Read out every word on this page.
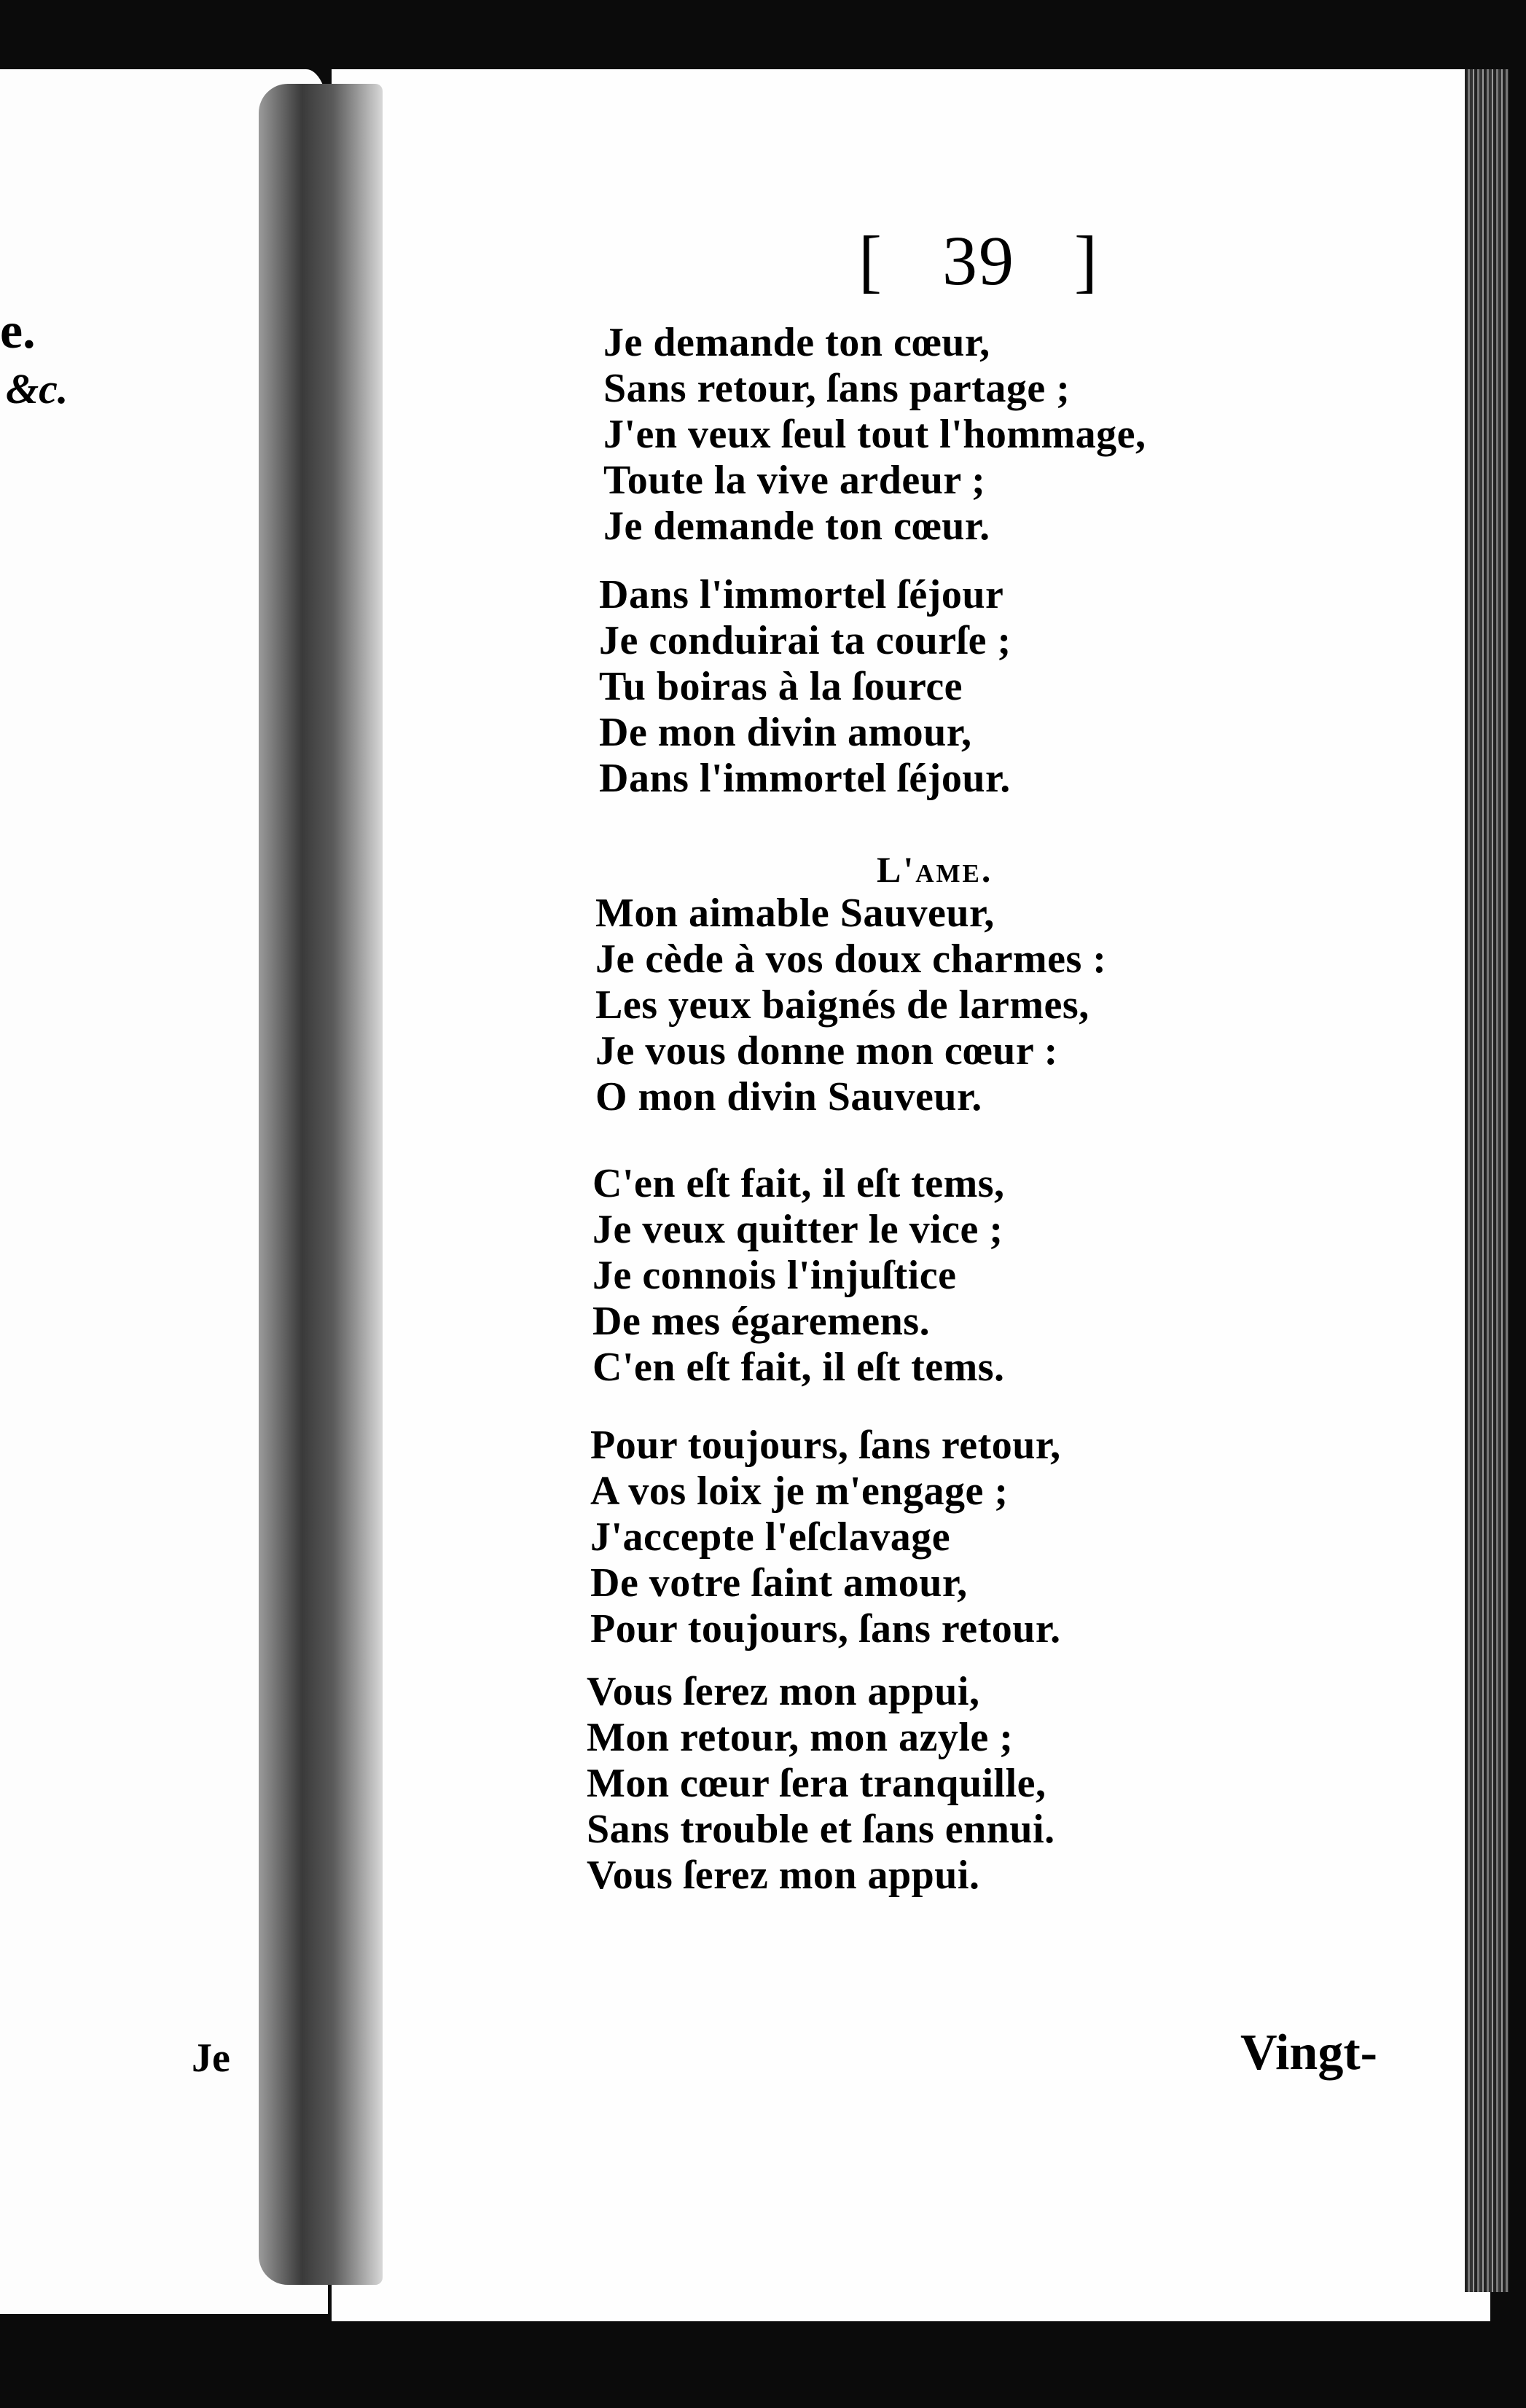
e.
&c.
Je
[ 39 ]
Je demande ton cœur,
Sans retour, ſans partage ;
J'en veux ſeul tout l'hommage,
Toute la vive ardeur ;
Je demande ton cœur.
Dans l'immortel ſéjour
Je conduirai ta courſe ;
Tu boiras à la ſource
De mon divin amour,
Dans l'immortel ſéjour.
L'ame.
Mon aimable Sauveur,
Je cède à vos doux charmes :
Les yeux baignés de larmes,
Je vous donne mon cœur :
O mon divin Sauveur.
C'en eſt fait, il eſt tems,
Je veux quitter le vice ;
Je connois l'injuſtice
De mes égaremens.
C'en eſt fait, il eſt tems.
Pour toujours, ſans retour,
A vos loix je m'engage ;
J'accepte l'eſclavage
De votre ſaint amour,
Pour toujours, ſans retour.
Vous ſerez mon appui,
Mon retour, mon azyle ;
Mon cœur ſera tranquille,
Sans trouble et ſans ennui.
Vous ſerez mon appui.
Vingt-
